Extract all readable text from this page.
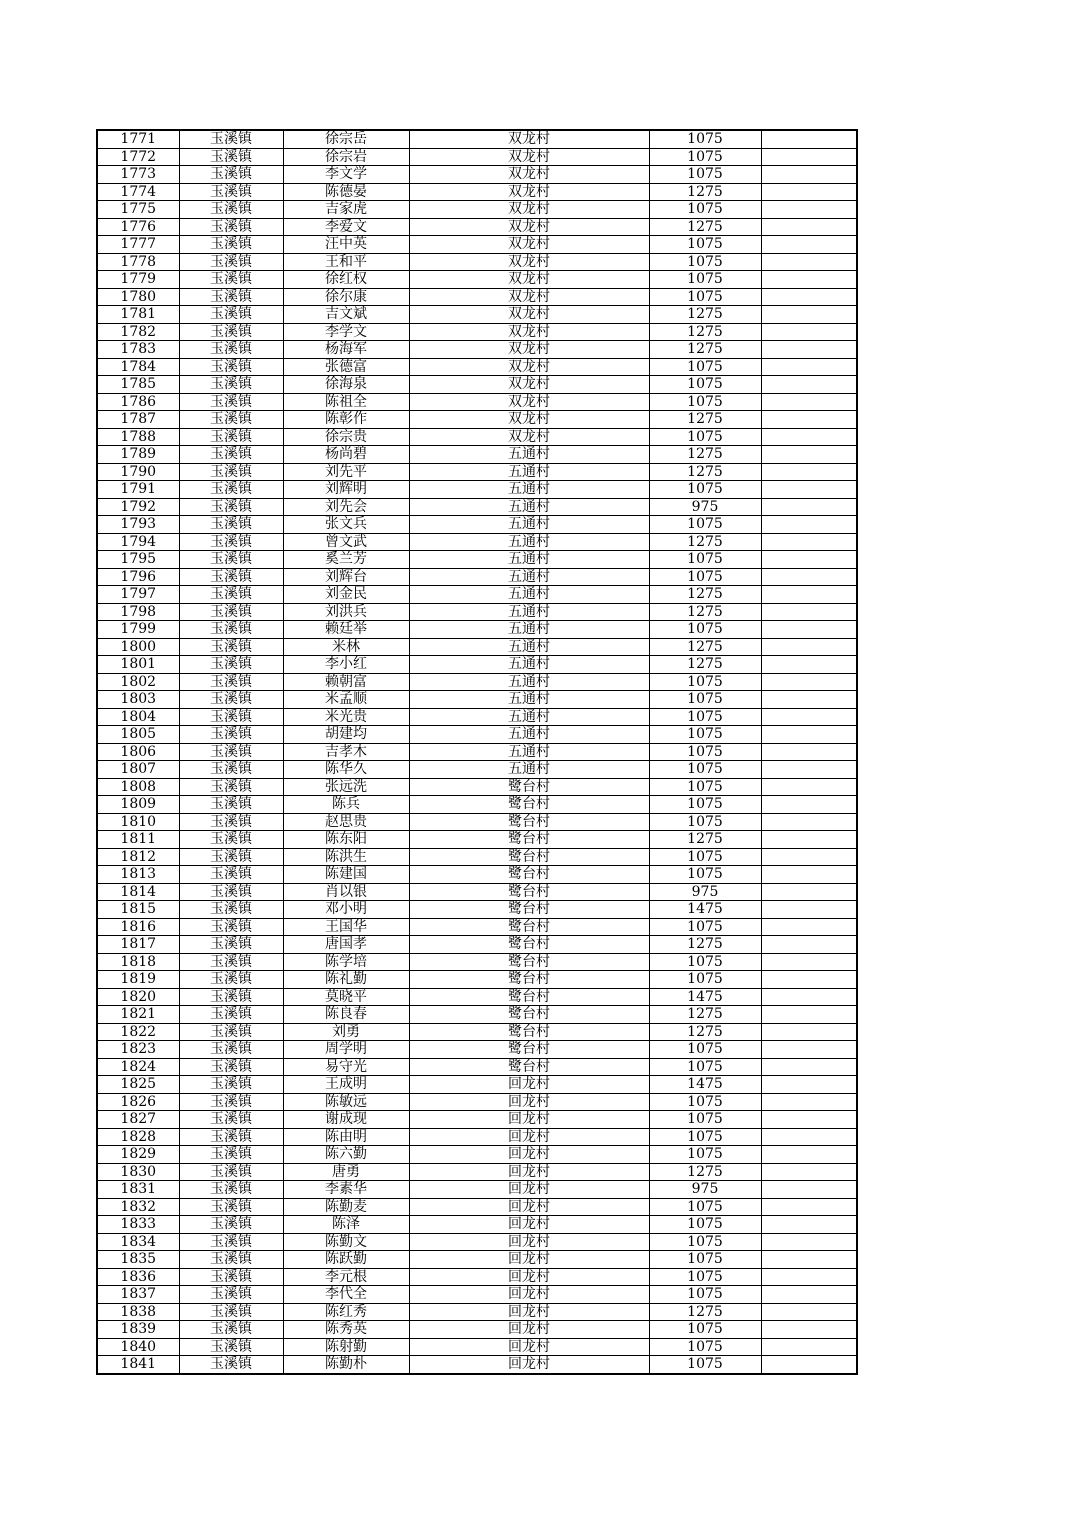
1771	玉溪镇	徐宗岳	双龙村	1075	
1772	玉溪镇	徐宗岩	双龙村	1075	
1773	玉溪镇	李文学	双龙村	1075	
1774	玉溪镇	陈德晏	双龙村	1275	
1775	玉溪镇	吉家虎	双龙村	1075	
1776	玉溪镇	李爱文	双龙村	1275	
1777	玉溪镇	汪中英	双龙村	1075	
1778	玉溪镇	王和平	双龙村	1075	
1779	玉溪镇	徐红权	双龙村	1075	
1780	玉溪镇	徐尔康	双龙村	1075	
1781	玉溪镇	吉文斌	双龙村	1275	
1782	玉溪镇	李学文	双龙村	1275	
1783	玉溪镇	杨海军	双龙村	1275	
1784	玉溪镇	张德富	双龙村	1075	
1785	玉溪镇	徐海泉	双龙村	1075	
1786	玉溪镇	陈祖全	双龙村	1075	
1787	玉溪镇	陈彰作	双龙村	1275	
1788	玉溪镇	徐宗贵	双龙村	1075	
1789	玉溪镇	杨尚碧	五通村	1275	
1790	玉溪镇	刘先平	五通村	1275	
1791	玉溪镇	刘辉明	五通村	1075	
1792	玉溪镇	刘先会	五通村	975	
1793	玉溪镇	张文兵	五通村	1075	
1794	玉溪镇	曾文武	五通村	1275	
1795	玉溪镇	奚兰芳	五通村	1075	
1796	玉溪镇	刘辉台	五通村	1075	
1797	玉溪镇	刘金民	五通村	1275	
1798	玉溪镇	刘洪兵	五通村	1275	
1799	玉溪镇	赖廷举	五通村	1075	
1800	玉溪镇	米林	五通村	1275	
1801	玉溪镇	李小红	五通村	1275	
1802	玉溪镇	赖朝富	五通村	1075	
1803	玉溪镇	米孟顺	五通村	1075	
1804	玉溪镇	米光贵	五通村	1075	
1805	玉溪镇	胡建均	五通村	1075	
1806	玉溪镇	吉孝木	五通村	1075	
1807	玉溪镇	陈华久	五通村	1075	
1808	玉溪镇	张远洗	鹭台村	1075	
1809	玉溪镇	陈兵	鹭台村	1075	
1810	玉溪镇	赵思贵	鹭台村	1075	
1811	玉溪镇	陈东阳	鹭台村	1275	
1812	玉溪镇	陈洪生	鹭台村	1075	
1813	玉溪镇	陈建国	鹭台村	1075	
1814	玉溪镇	肖以银	鹭台村	975	
1815	玉溪镇	邓小明	鹭台村	1475	
1816	玉溪镇	王国华	鹭台村	1075	
1817	玉溪镇	唐国孝	鹭台村	1275	
1818	玉溪镇	陈学培	鹭台村	1075	
1819	玉溪镇	陈礼勤	鹭台村	1075	
1820	玉溪镇	莫晓平	鹭台村	1475	
1821	玉溪镇	陈良春	鹭台村	1275	
1822	玉溪镇	刘勇	鹭台村	1275	
1823	玉溪镇	周学明	鹭台村	1075	
1824	玉溪镇	易守光	鹭台村	1075	
1825	玉溪镇	王成明	回龙村	1475	
1826	玉溪镇	陈敏远	回龙村	1075	
1827	玉溪镇	谢成现	回龙村	1075	
1828	玉溪镇	陈由明	回龙村	1075	
1829	玉溪镇	陈六勤	回龙村	1075	
1830	玉溪镇	唐勇	回龙村	1275	
1831	玉溪镇	李素华	回龙村	975	
1832	玉溪镇	陈勤麦	回龙村	1075	
1833	玉溪镇	陈泽	回龙村	1075	
1834	玉溪镇	陈勤文	回龙村	1075	
1835	玉溪镇	陈跃勤	回龙村	1075	
1836	玉溪镇	李元根	回龙村	1075	
1837	玉溪镇	李代全	回龙村	1075	
1838	玉溪镇	陈红秀	回龙村	1275	
1839	玉溪镇	陈秀英	回龙村	1075	
1840	玉溪镇	陈射勤	回龙村	1075	
1841	玉溪镇	陈勤朴	回龙村	1075	
